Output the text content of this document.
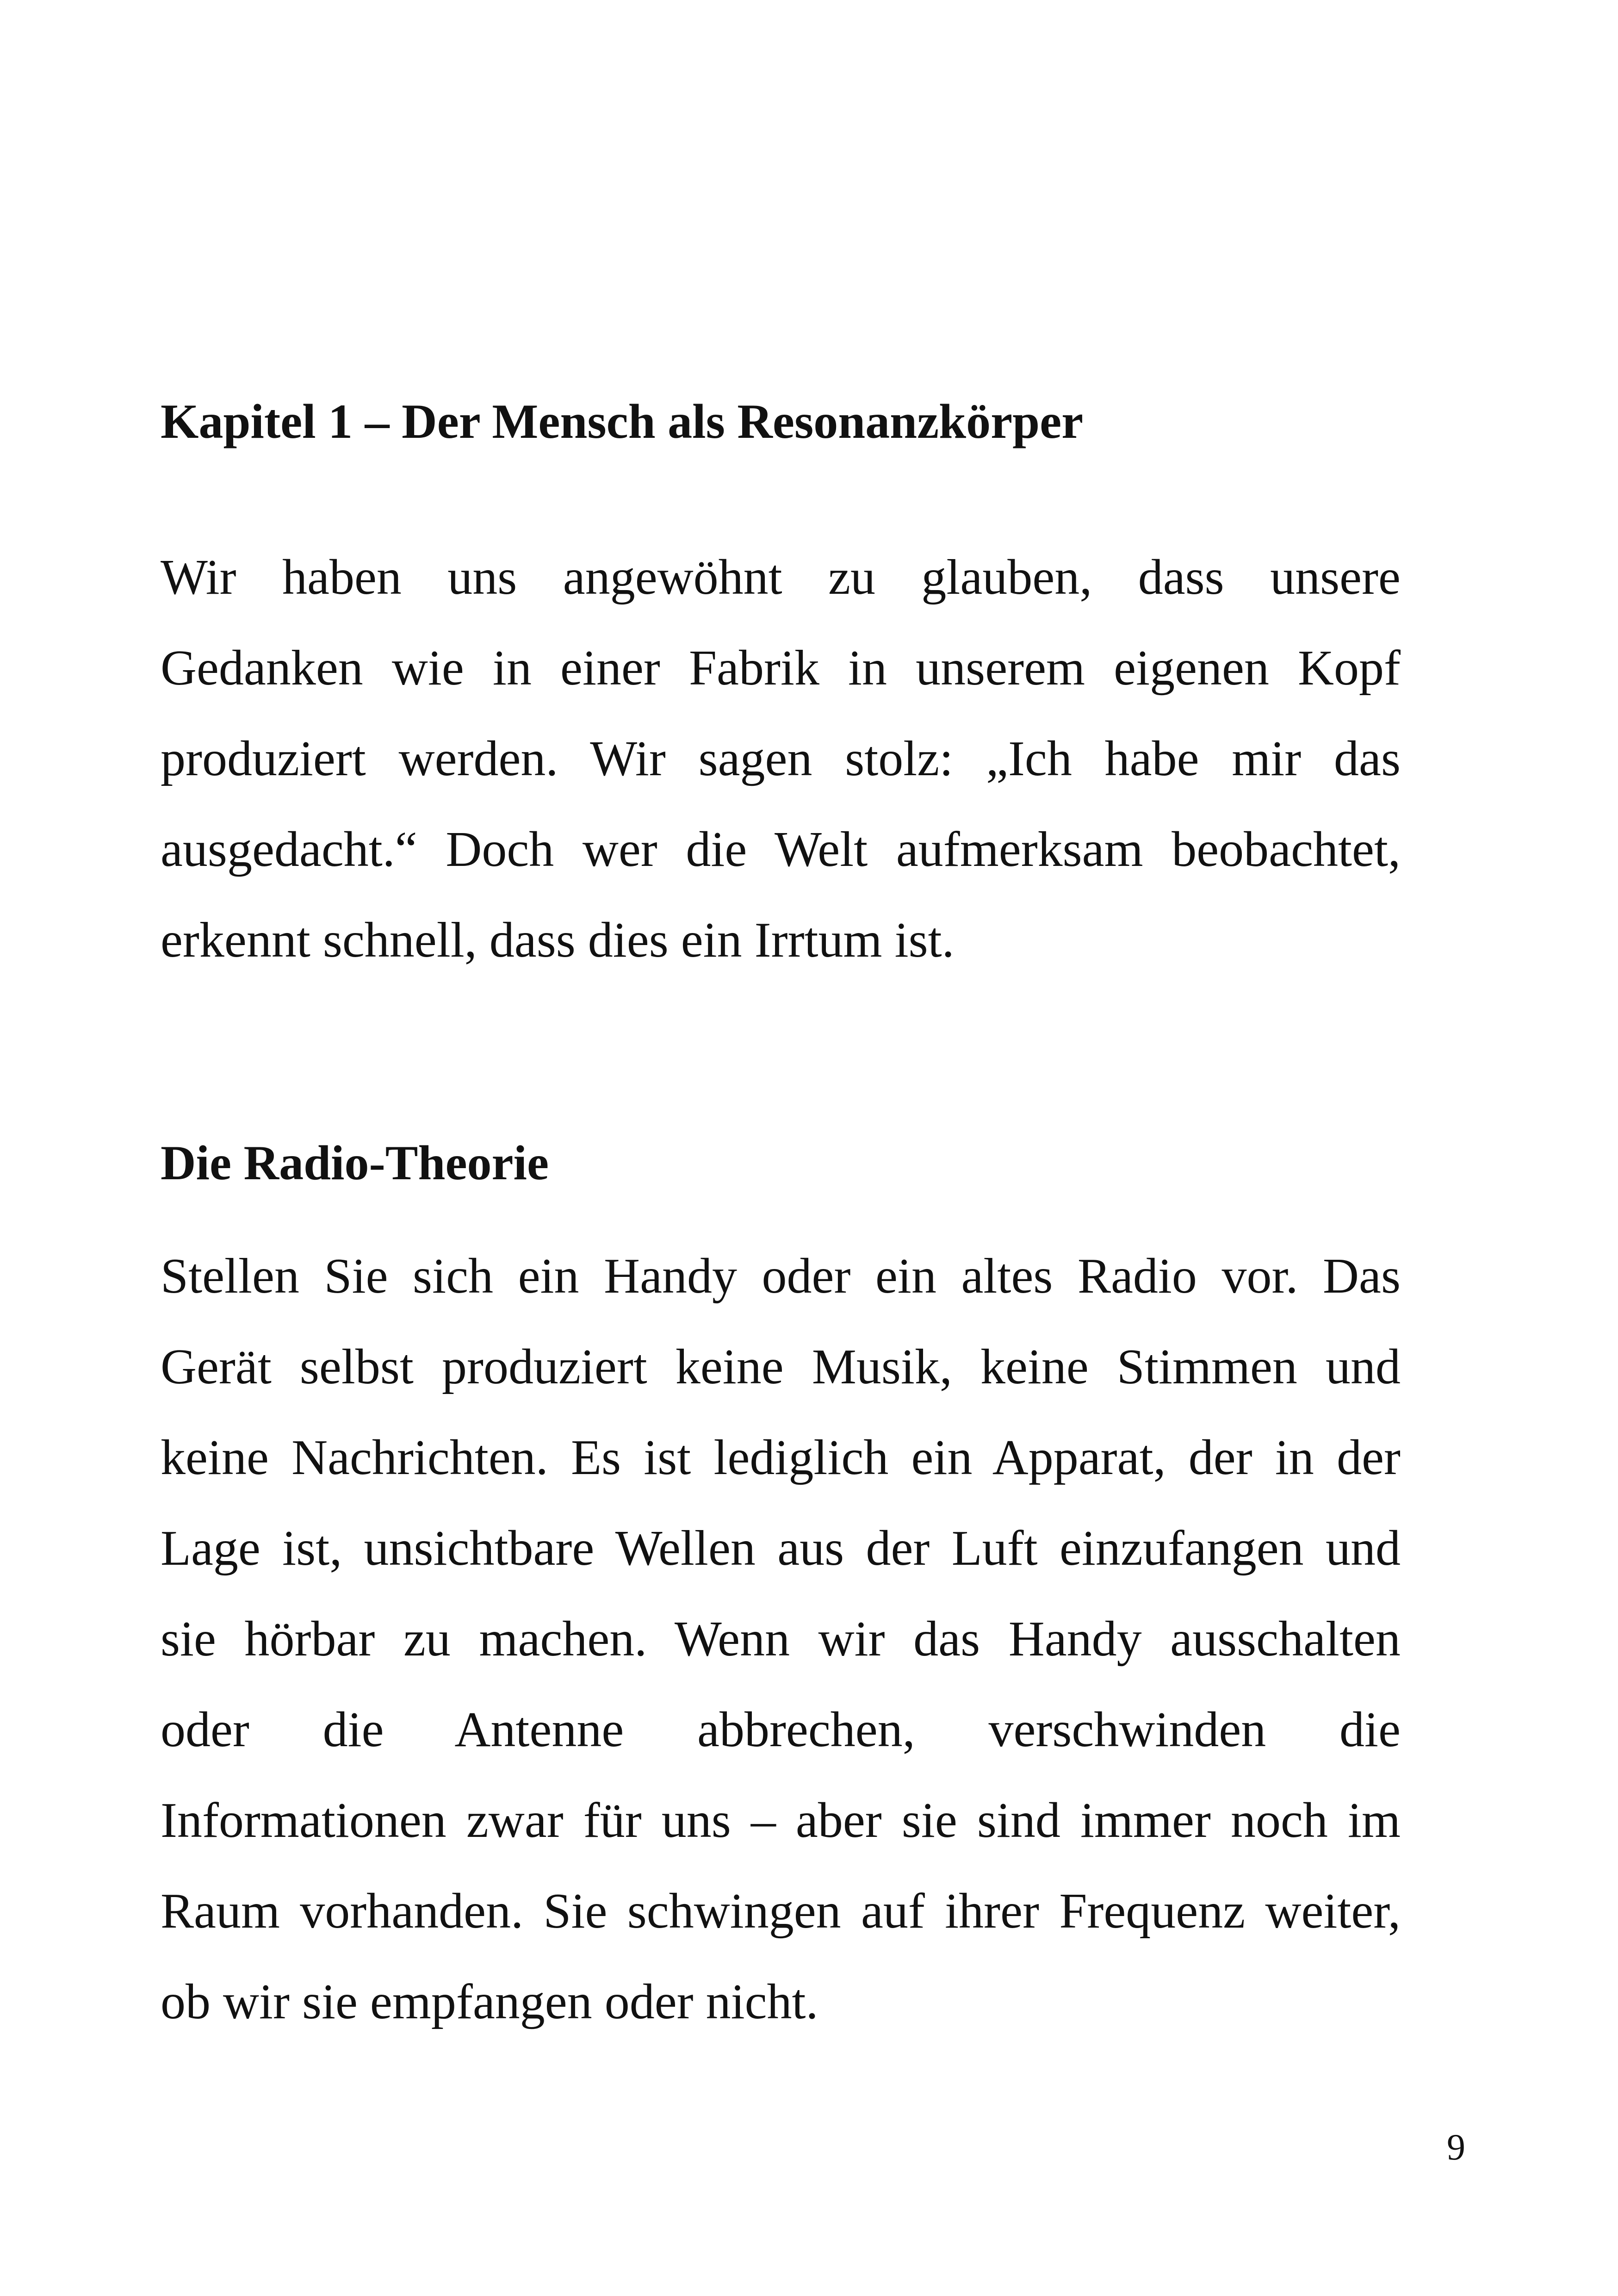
Kapitel 1 – Der Mensch als Resonanzkörper

Wir haben uns angewöhnt zu glauben, dass unsere
Gedanken wie in einer Fabrik in unserem eigenen Kopf
produziert werden. Wir sagen stolz: „Ich habe mir das
ausgedacht.“ Doch wer die Welt aufmerksam beobachtet,
erkennt schnell, dass dies ein Irrtum ist.

Die Radio-Theorie

Stellen Sie sich ein Handy oder ein altes Radio vor. Das
Gerät selbst produziert keine Musik, keine Stimmen und
keine Nachrichten. Es ist lediglich ein Apparat, der in der
Lage ist, unsichtbare Wellen aus der Luft einzufangen und
sie hörbar zu machen. Wenn wir das Handy ausschalten
oder die Antenne abbrechen, verschwinden die
Informationen zwar für uns – aber sie sind immer noch im
Raum vorhanden. Sie schwingen auf ihrer Frequenz weiter,
ob wir sie empfangen oder nicht.

9
